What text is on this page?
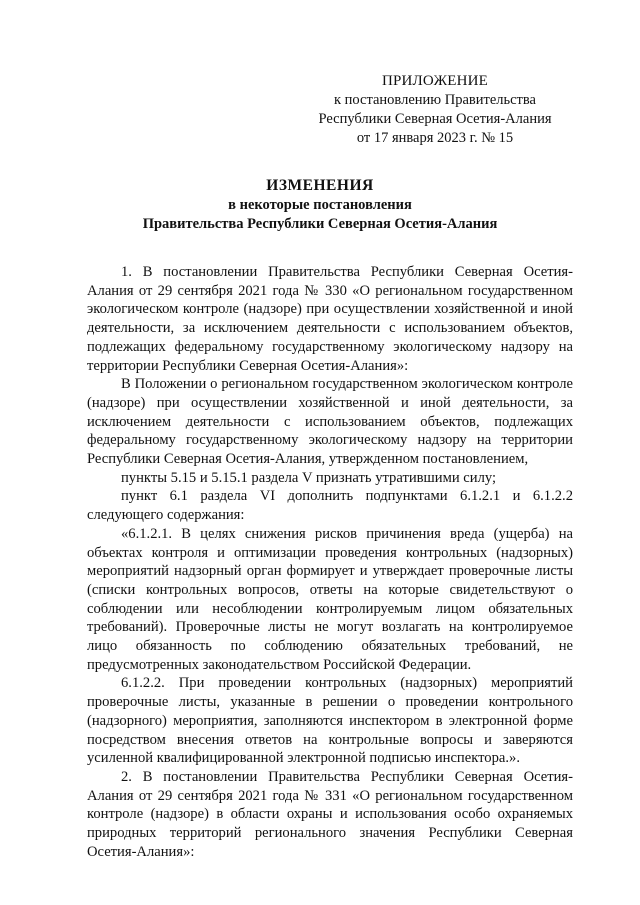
ПРИЛОЖЕНИЕ
к постановлению Правительства
Республики Северная Осетия-Алания
от 17 января 2023 г. № 15
ИЗМЕНЕНИЯ
в некоторые постановления
Правительства Республики Северная Осетия-Алания

1. В постановлении Правительства Республики Северная Осетия-Алания от 29 сентября 2021 года № 330 «О региональном государственном экологическом контроле (надзоре) при осуществлении хозяйственной и иной деятельности, за исключением деятельности с использованием объектов, подлежащих федеральному государственному экологическому надзору на территории Республики Северная Осетия-Алания»:

В Положении о региональном государственном экологическом контроле (надзоре) при осуществлении хозяйственной и иной деятельности, за исключением деятельности с использованием объектов, подлежащих федеральному государственному экологическому надзору на территории Республики Северная Осетия-Алания, утвержденном постановлением,

пункты 5.15 и 5.15.1 раздела V признать утратившими силу;

пункт 6.1 раздела VI дополнить подпунктами 6.1.2.1 и 6.1.2.2 следующего содержания:

«6.1.2.1. В целях снижения рисков причинения вреда (ущерба) на объектах контроля и оптимизации проведения контрольных (надзорных) мероприятий надзорный орган формирует и утверждает проверочные листы (списки контрольных вопросов, ответы на которые свидетельствуют о соблюдении или несоблюдении контролируемым лицом обязательных требований). Проверочные листы не могут возлагать на контролируемое лицо обязанность по соблюдению обязательных требований, не предусмотренных законодательством Российской Федерации.

6.1.2.2. При проведении контрольных (надзорных) мероприятий проверочные листы, указанные в решении о проведении контрольного (надзорного) мероприятия, заполняются инспектором в электронной форме посредством внесения ответов на контрольные вопросы и заверяются усиленной квалифицированной электронной подписью инспектора.».

2. В постановлении Правительства Республики Северная Осетия-Алания от 29 сентября 2021 года № 331 «О региональном государственном контроле (надзоре) в области охраны и использования особо охраняемых природных территорий регионального значения Республики Северная Осетия-Алания»:
